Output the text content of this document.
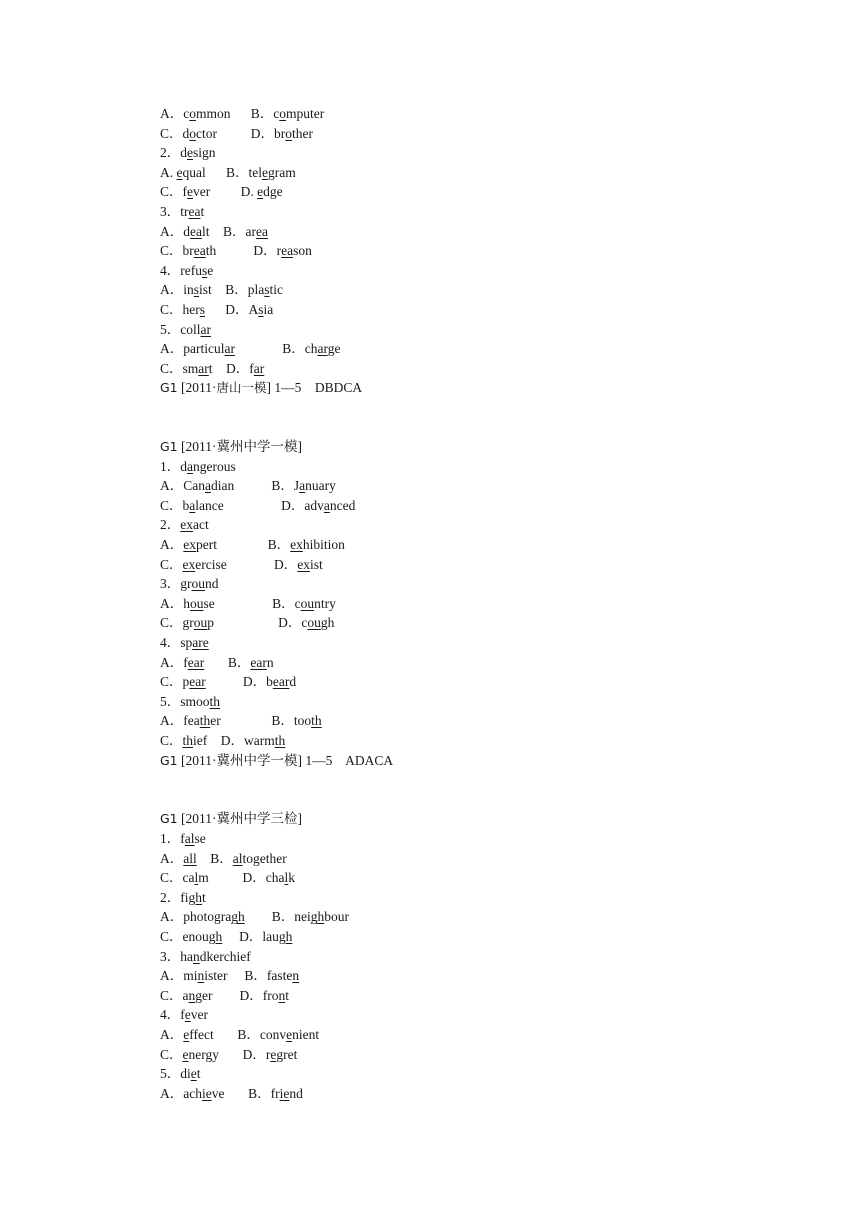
A．common B．computer
C．doctor	D．brother
2．design
A. equal B．telegram
C．fever D. edge
3．treat
A．dealt B．area
C．breath	D．reason
4．refuse
A．insist B．plastic
C．hers D．Asia
5．collar
A．particular	B．charge
C．smart D．far
G1 [2011·唐山一模] 1—5    DBDCA
G1 [2011·冀州中学一模]
1．dangerous
A．Canadian	B．January
C．balance	D．advanced
2．exact
A．expert	B．exhibition
C．exercise	D．exist
3．ground
A．house	B．country
C．group	D．cough
4．spare
A．fear B．earn
C．pear	D．beard
5．smooth
A．feather	B．tooth
C．thief D．warmth
G1 [2011·冀州中学一模] 1—5    ADACA
G1 [2011·冀州中学三检]
1．false
A．all B．altogether
C．calm	D．chalk
2．fight
A．photogragh B．neighbour
C．enough D．laugh
3．handkerchief
A．minister B．fasten
C．anger D．front
4．fever
A．effect B．convenient
C．energy D．regret
5．diet
A．achieve B．friend
